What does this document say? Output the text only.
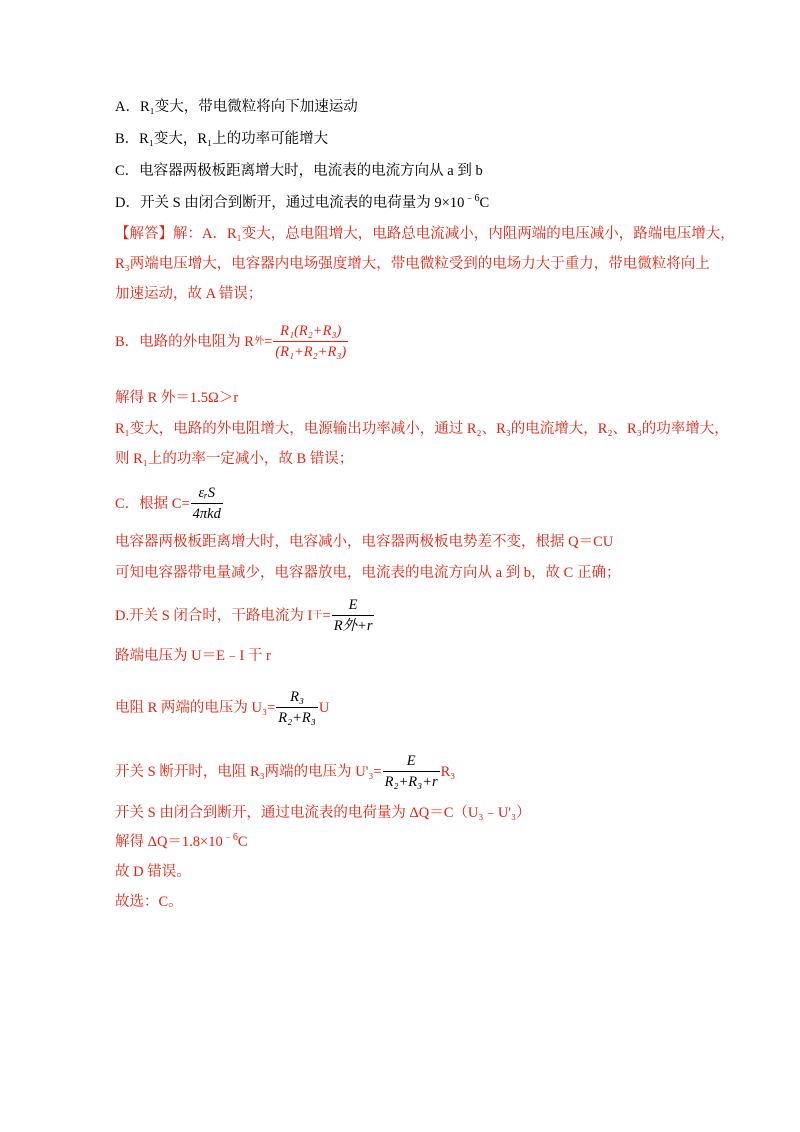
A．R₁变大，带电微粒将向下加速运动
B．R₁变大，R₁上的功率可能增大
C．电容器两极板距离增大时，电流表的电流方向从 a 到 b
D．开关 S 由闭合到断开，通过电流表的电荷量为 $9\times 10^{﹣6}C$
【解答】解：A．R₁变大，总电阻增大，电路总电流减小，内阻两端的电压减小，路端电压增大，
R₃两端电压增大，电容器内电场强度增大，带电微粒受到的电场力大于重力，带电微粒将向上
加速运动，故 A 错误；
B．电路的外电阻为 R 外 = $\frac{\text{R₁(R₂+R₃)}}{\text{(R₁+R₂+R₃)}}$
解得 R 外＝1.5Ω＞r
R₁变大，电路的外电阻增大，电源输出功率减小，通过 R₂、R₃的电流增大，R₂、R₃的功率增大，
则 R₁上的功率一定减小，故 B 错误；
C．根据 $C= \frac{\text{εᵣS}}{\text{4πkd}}$
电容器两极板距离增大时，电容减小，电容器两极板电势差不变，根据 Q＝CU
可知电容器带电量减少，电容器放电，电流表的电流方向从 a 到 b，故 C 正确；
D.开关 S 闭合时，干路电流为 I 干 = $\frac{E}{\text{R外+r}}$
路端电压为 U＝E﹣I 干 r
电阻 R 两端的电压为 $U_3= \frac{\text{R₃}}{\text{R₂+R₃}}$ U
开关 S 断开时，电阻 R₃两端的电压为 $U'_3= \frac{E}{\text{R₂+R₃+r}} R_3$
开关 S 由闭合到断开，通过电流表的电荷量为 ΔQ＝C（U₃﹣U'₃）
解得 $\Delta Q=1.8\times 10^{﹣6}C$
故 D 错误。
故选：C。
